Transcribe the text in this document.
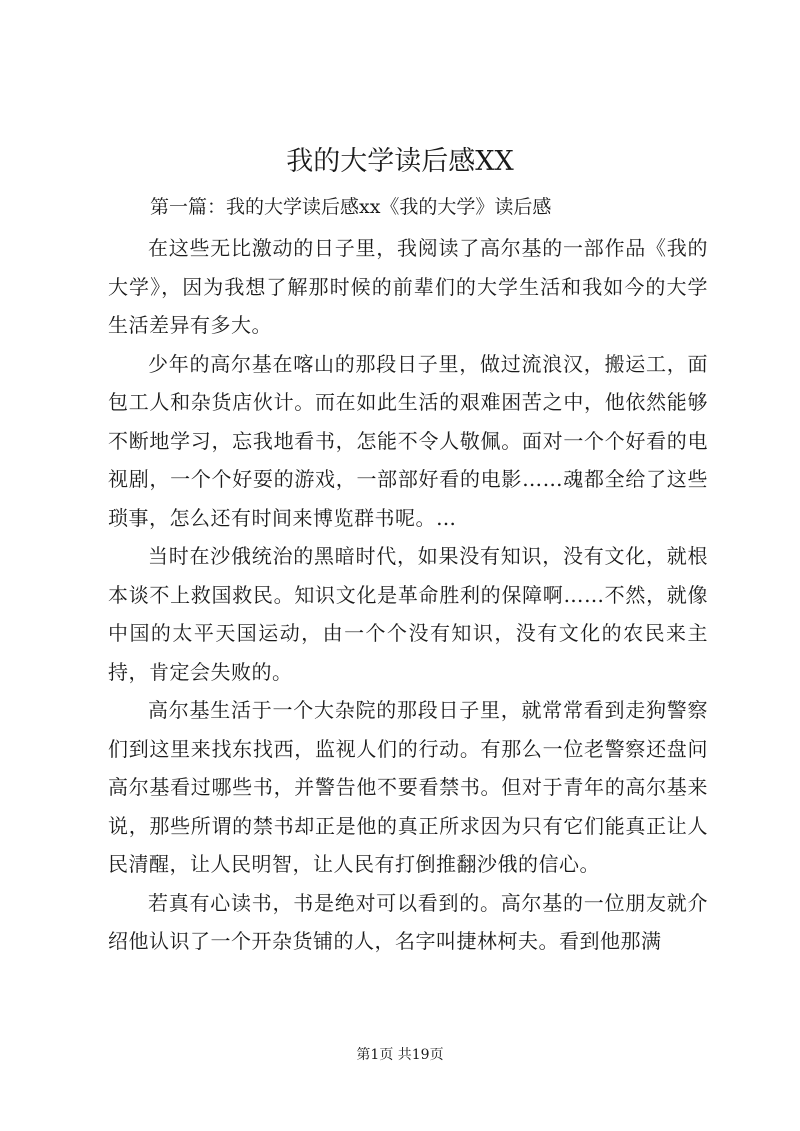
我的大学读后感XX

第一篇：我的大学读后感xx《我的大学》读后感

在这些无比激动的日子里，我阅读了高尔基的一部作品《我的大学》，因为我想了解那时候的前辈们的大学生活和我如今的大学生活差异有多大。

少年的高尔基在喀山的那段日子里，做过流浪汉，搬运工，面包工人和杂货店伙计。而在如此生活的艰难困苦之中，他依然能够不断地学习，忘我地看书，怎能不令人敬佩。面对一个个好看的电视剧，一个个好耍的游戏，一部部好看的电影……魂都全给了这些琐事，怎么还有时间来博览群书呢。…

当时在沙俄统治的黑暗时代，如果没有知识，没有文化，就根本谈不上救国救民。知识文化是革命胜利的保障啊……不然，就像中国的太平天国运动，由一个个没有知识，没有文化的农民来主持，肯定会失败的。

高尔基生活于一个大杂院的那段日子里，就常常看到走狗警察们到这里来找东找西，监视人们的行动。有那么一位老警察还盘问高尔基看过哪些书，并警告他不要看禁书。但对于青年的高尔基来说，那些所谓的禁书却正是他的真正所求因为只有它们能真正让人民清醒，让人民明智，让人民有打倒推翻沙俄的信心。

若真有心读书，书是绝对可以看到的。高尔基的一位朋友就介绍他认识了一个开杂货铺的人，名字叫捷林柯夫。看到他那满

第1页 共19页
